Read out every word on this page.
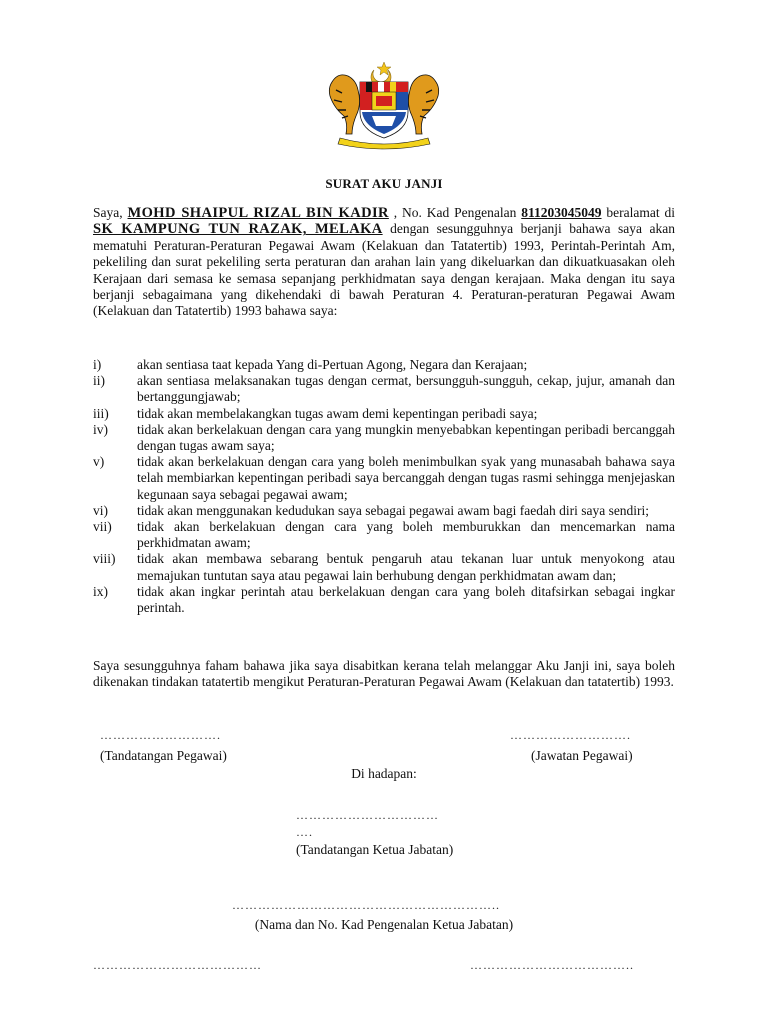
SURAT AKU JANJI

Saya, MOHD SHAIPUL RIZAL BIN KADIR , No. Kad Pengenalan 811203045049 beralamat di SK KAMPUNG TUN RAZAK, MELAKA dengan sesungguhnya berjanji bahawa saya akan mematuhi Peraturan-Peraturan Pegawai Awam (Kelakuan dan Tatatertib) 1993, Perintah-Perintah Am, pekeliling dan surat pekeliling serta peraturan dan arahan lain yang dikeluarkan dan dikuatkuasakan oleh Kerajaan dari semasa ke semasa sepanjang perkhidmatan saya dengan kerajaan. Maka dengan itu saya berjanji sebagaimana yang dikehendaki di bawah Peraturan 4. Peraturan-peraturan Pegawai Awam (Kelakuan dan Tatatertib) 1993 bahawa saya:

i)	akan sentiasa taat kepada Yang di-Pertuan Agong, Negara dan Kerajaan;
ii) akan sentiasa melaksanakan tugas dengan cermat, bersungguh-sungguh, cekap, jujur, amanah dan bertanggungjawab;
iii) tidak akan membelakangkan tugas awam demi kepentingan peribadi saya;
iv) tidak akan berkelakuan dengan cara yang mungkin menyebabkan kepentingan peribadi bercanggah dengan tugas awam saya;
v) tidak akan berkelakuan dengan cara yang boleh menimbulkan syak yang munasabah bahawa saya telah membiarkan kepentingan peribadi saya bercanggah dengan tugas rasmi sehingga menjejaskan kegunaan saya sebagai pegawai awam;
vi) tidak akan menggunakan kedudukan saya sebagai pegawai awam bagi faedah diri saya sendiri;
vii) tidak akan berkelakuan dengan cara yang boleh memburukkan dan mencemarkan nama perkhidmatan awam;
viii) tidak akan membawa sebarang bentuk pengaruh atau tekanan luar untuk menyokong atau memajukan tuntutan saya atau pegawai lain berhubung dengan perkhidmatan awam dan;
ix) tidak akan ingkar perintah atau berkelakuan dengan cara yang boleh ditafsirkan sebagai ingkar perintah.

Saya sesungguhnya faham bahawa jika saya disabitkan kerana telah melanggar Aku Janji ini, saya boleh dikenakan tindakan tatatertib mengikut Peraturan-Peraturan Pegawai Awam (Kelakuan dan tatatertib) 1993.

……………………….	……………………….
(Tandatangan Pegawai)	(Jawatan Pegawai)
Di hadapan:
……………………………
….
(Tandatangan Ketua Jabatan)
……………………………………………………..
(Nama dan No. Kad Pengenalan Ketua Jabatan)
…………………………………	………………………………..
